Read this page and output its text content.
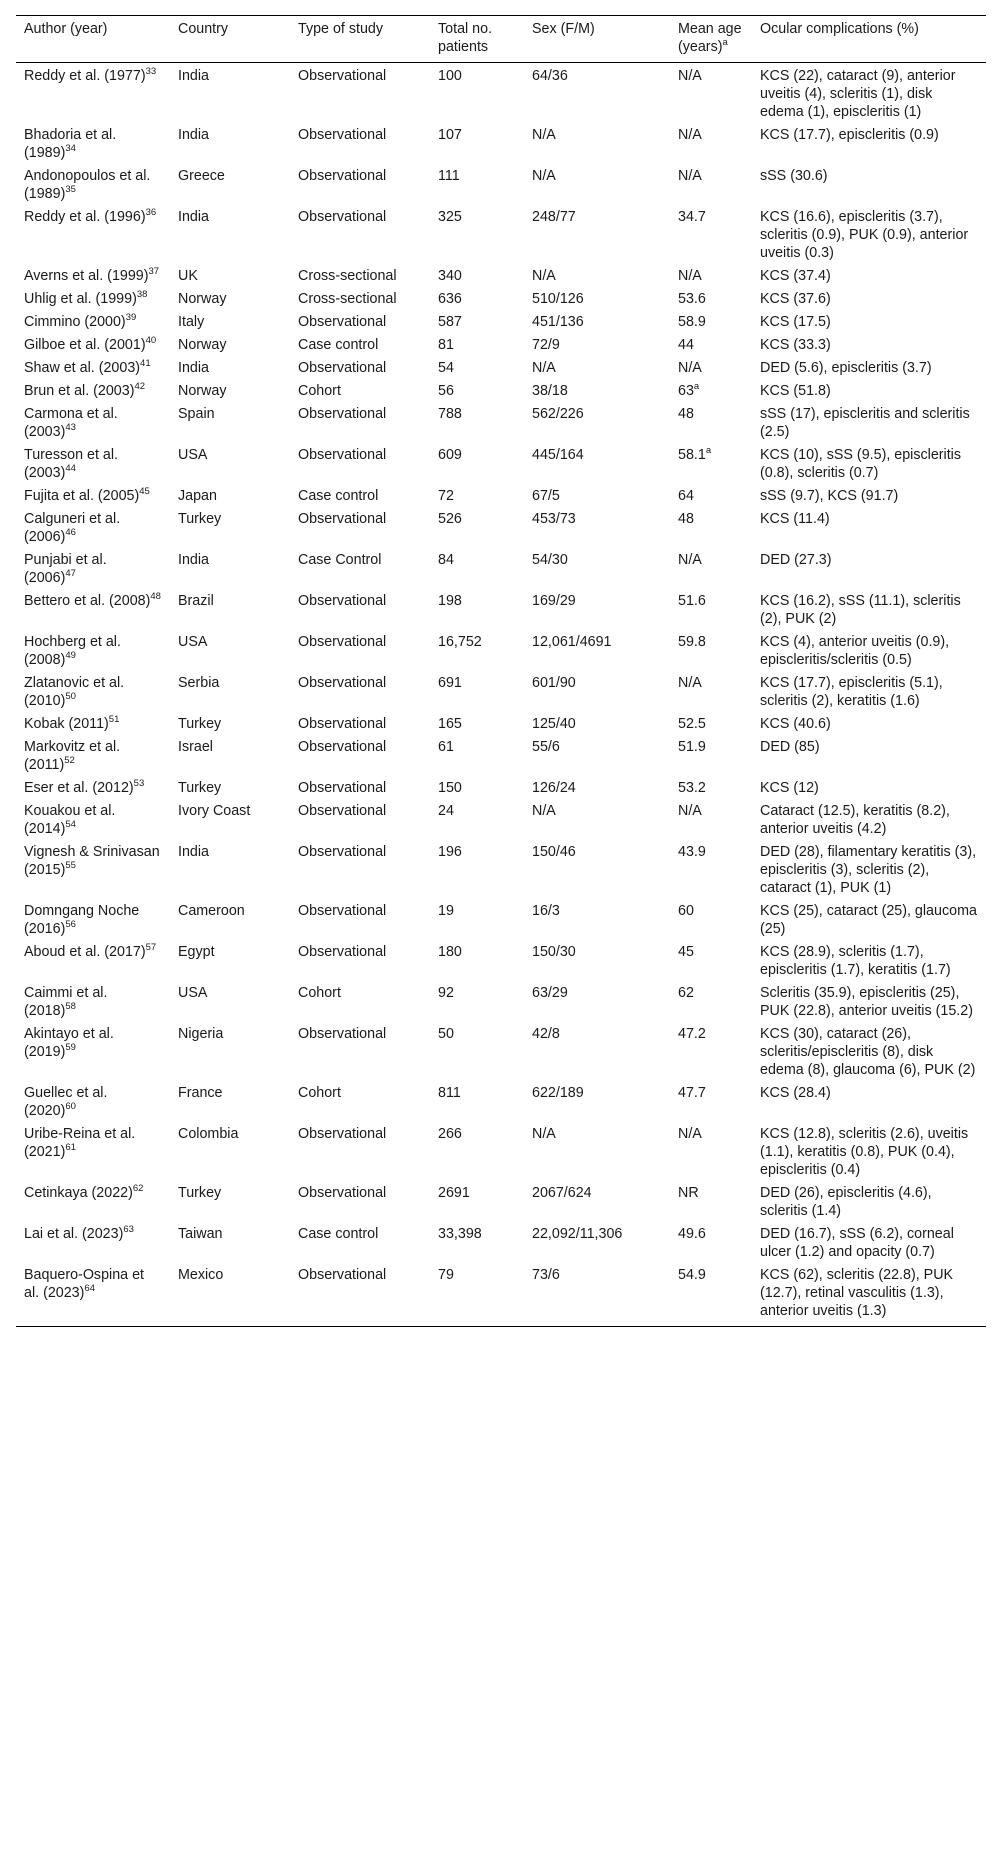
Author (year)	Country	Type of study	Total no. patients	Sex (F/M)	Mean age (years)$^a$	Ocular complications (%)
Reddy et al. $(1977)^{33}$	India	Observational	100	64/36	N/A	KCS (22), cataract (9), anterior uveitis (4), scleritis (1), disk edema (1), episcleritis (1)
Bhadoria et al. $(1989)^{34}$	India	Observational	107	N/A	N/A	KCS (17.7), episcleritis (0.9)
Andonopoulos et al. $(1989)^{35}$	Greece	Observational	111	N/A	N/A	sSS (30.6)
Reddy et al. $(1996)^{36}$	India	Observational	325	248/77	34.7	KCS (16.6), episcleritis (3.7), scleritis (0.9), PUK (0.9), anterior uveitis (0.3)
Averns et al. $(1999)^{37}$	UK	Cross-sectional	340	N/A	N/A	KCS (37.4)
Uhlig et al. $(1999)^{38}$	Norway	Cross-sectional	636	510/126	53.6	KCS (37.6)
Cimmino $(2000)^{39}$	Italy	Observational	587	451/136	58.9	KCS (17.5)
Gilboe et al. $(2001)^{40}$	Norway	Case control	81	72/9	44	KCS (33.3)
Shaw et al. $(2003)^{41}$	India	Observational	54	N/A	N/A	DED (5.6), episcleritis (3.7)
Brun et al. $(2003)^{42}$	Norway	Cohort	56	38/18	63$^a$	KCS (51.8)
Carmona et al. $(2003)^{43}$	Spain	Observational	788	562/226	48	sSS (17), episcleritis and scleritis (2.5)
Turesson et al. $(2003)^{44}$	USA	Observational	609	445/164	58.1$^a$	KCS (10), sSS (9.5), episcleritis (0.8), scleritis (0.7)
Fujita et al. $(2005)^{45}$	Japan	Case control	72	67/5	64	sSS (9.7), KCS (91.7)
Calguneri et al. $(2006)^{46}$	Turkey	Observational	526	453/73	48	KCS (11.4)
Punjabi et al. $(2006)^{47}$	India	Case Control	84	54/30	N/A	DED (27.3)
Bettero et al. $(2008)^{48}$	Brazil	Observational	198	169/29	51.6	KCS (16.2), sSS (11.1), scleritis (2), PUK (2)
Hochberg et al. $(2008)^{49}$	USA	Observational	16,752	12,061/4691	59.8	KCS (4), anterior uveitis (0.9), episcleritis/scleritis (0.5)
Zlatanovic et al. $(2010)^{50}$	Serbia	Observational	691	601/90	N/A	KCS (17.7), episcleritis (5.1), scleritis (2), keratitis (1.6)
Kobak $(2011)^{51}$	Turkey	Observational	165	125/40	52.5	KCS (40.6)
Markovitz et al. $(2011)^{52}$	Israel	Observational	61	55/6	51.9	DED (85)
Eser et al. $(2012)^{53}$	Turkey	Observational	150	126/24	53.2	KCS (12)
Kouakou et al. $(2014)^{54}$	Ivory Coast	Observational	24	N/A	N/A	Cataract (12.5), keratitis (8.2), anterior uveitis (4.2)
Vignesh & Srinivasan $(2015)^{55}$	India	Observational	196	150/46	43.9	DED (28), filamentary keratitis (3), episcleritis (3), scleritis (2), cataract (1), PUK (1)
Domngang Noche $(2016)^{56}$	Cameroon	Observational	19	16/3	60	KCS (25), cataract (25), glaucoma (25)
Aboud et al. $(2017)^{57}$	Egypt	Observational	180	150/30	45	KCS (28.9), scleritis (1.7), episcleritis (1.7), keratitis (1.7)
Caimmi et al. $(2018)^{58}$	USA	Cohort	92	63/29	62	Scleritis (35.9), episcleritis (25), PUK (22.8), anterior uveitis (15.2)
Akintayo et al. $(2019)^{59}$	Nigeria	Observational	50	42/8	47.2	KCS (30), cataract (26), scleritis/episcleritis (8), disk edema (8), glaucoma (6), PUK (2)
Guellec et al. $(2020)^{60}$	France	Cohort	811	622/189	47.7	KCS (28.4)
Uribe-Reina et al. $(2021)^{61}$	Colombia	Observational	266	N/A	N/A	KCS (12.8), scleritis (2.6), uveitis (1.1), keratitis (0.8), PUK (0.4), episcleritis (0.4)
Cetinkaya $(2022)^{62}$	Turkey	Observational	2691	2067/624	NR	DED (26), episcleritis (4.6), scleritis (1.4)
Lai et al. $(2023)^{63}$	Taiwan	Case control	33,398	22,092/11,306	49.6	DED (16.7), sSS (6.2), corneal ulcer (1.2) and opacity (0.7)
Baquero-Ospina et al. $(2023)^{64}$	Mexico	Observational	79	73/6	54.9	KCS (62), scleritis (22.8), PUK (12.7), retinal vasculitis (1.3), anterior uveitis (1.3)
